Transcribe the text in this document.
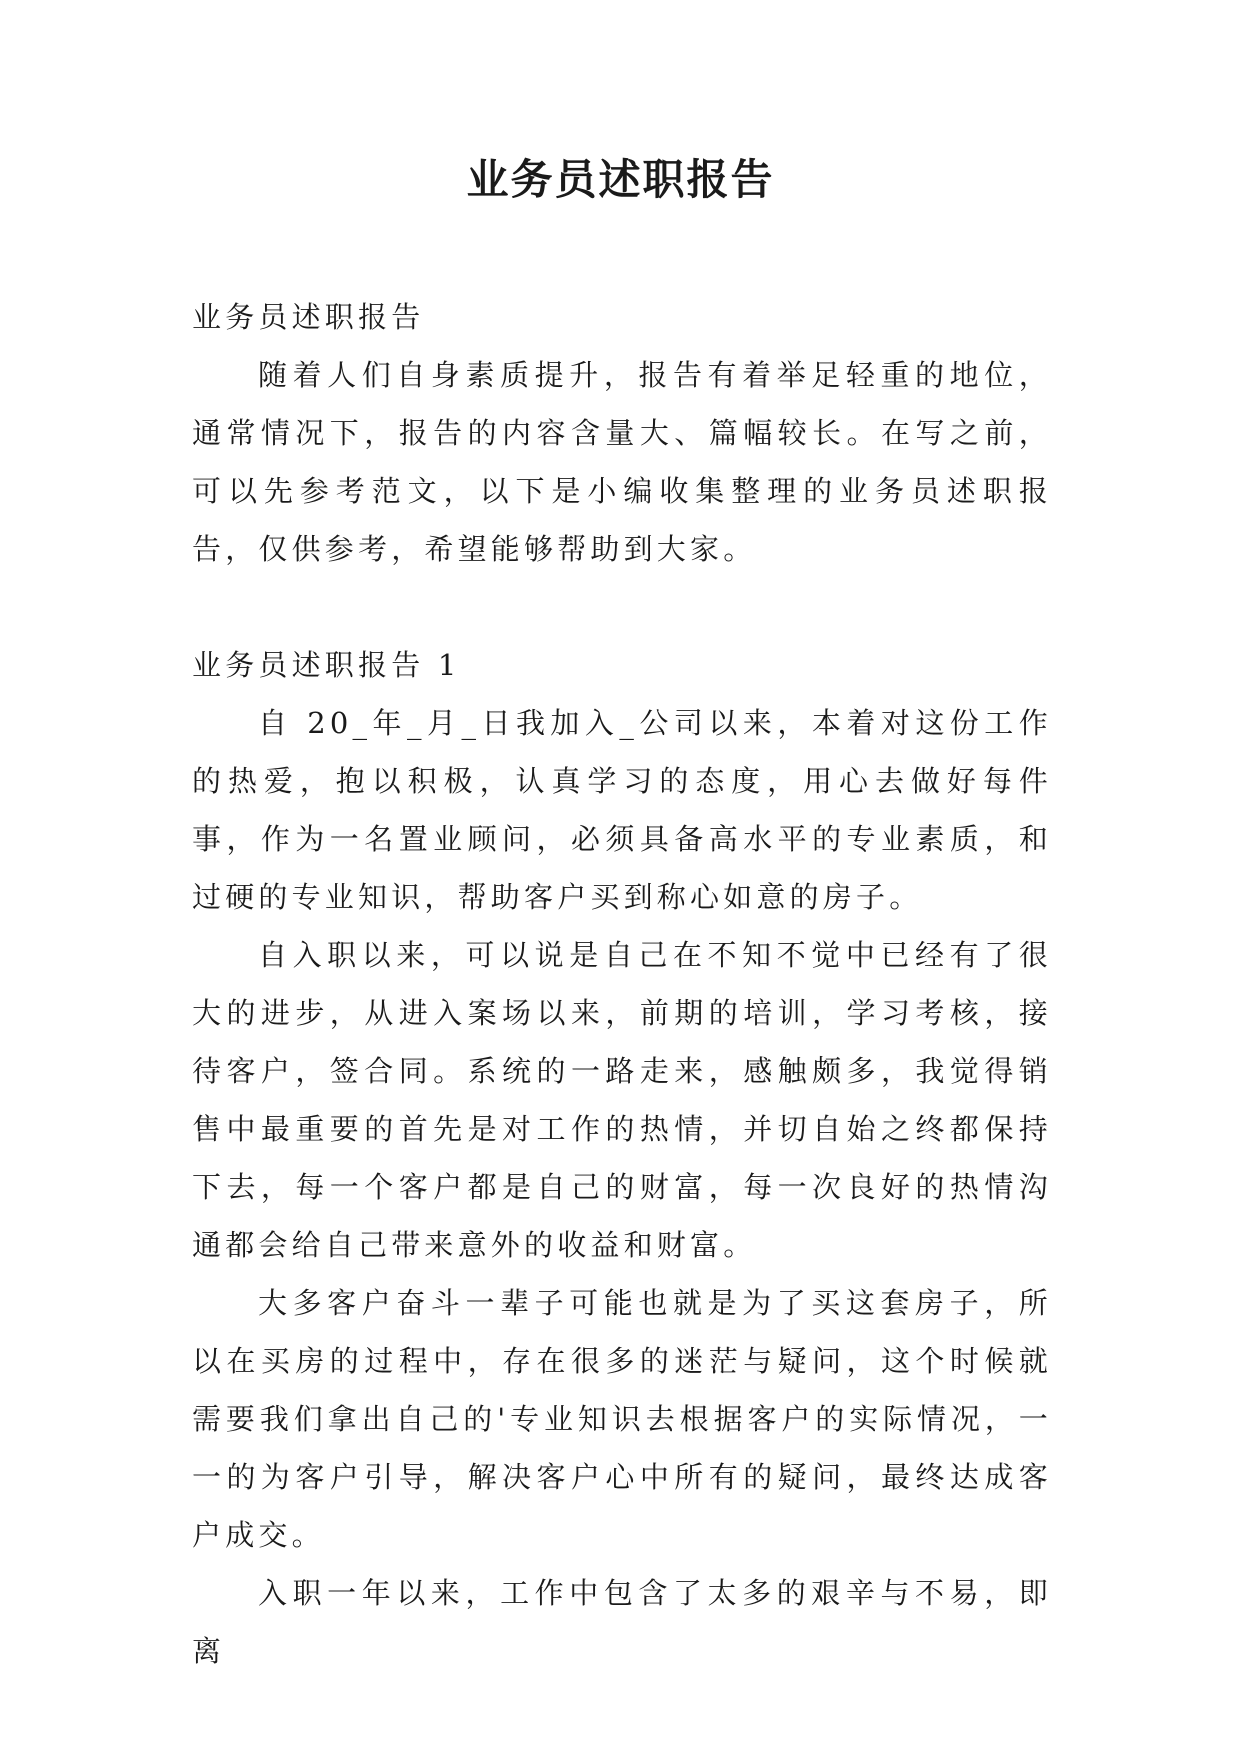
业务员述职报告

业务员述职报告

随着人们自身素质提升，报告有着举足轻重的地位，通常情况下，报告的内容含量大、篇幅较长。在写之前，可以先参考范文，以下是小编收集整理的业务员述职报告，仅供参考，希望能够帮助到大家。

业务员述职报告 1

自 20_年_月_日我加入_公司以来，本着对这份工作的热爱，抱以积极，认真学习的态度，用心去做好每件事，作为一名置业顾问，必须具备高水平的专业素质，和过硬的专业知识，帮助客户买到称心如意的房子。

自入职以来，可以说是自己在不知不觉中已经有了很大的进步，从进入案场以来，前期的培训，学习考核，接待客户，签合同。系统的一路走来，感触颇多，我觉得销售中最重要的首先是对工作的热情，并切自始之终都保持下去，每一个客户都是自己的财富，每一次良好的热情沟通都会给自己带来意外的收益和财富。

大多客户奋斗一辈子可能也就是为了买这套房子，所以在买房的过程中，存在很多的迷茫与疑问，这个时候就需要我们拿出自己的'专业知识去根据客户的实际情况，一一的为客户引导，解决客户心中所有的疑问，最终达成客户成交。

入职一年以来，工作中包含了太多的艰辛与不易，即离
